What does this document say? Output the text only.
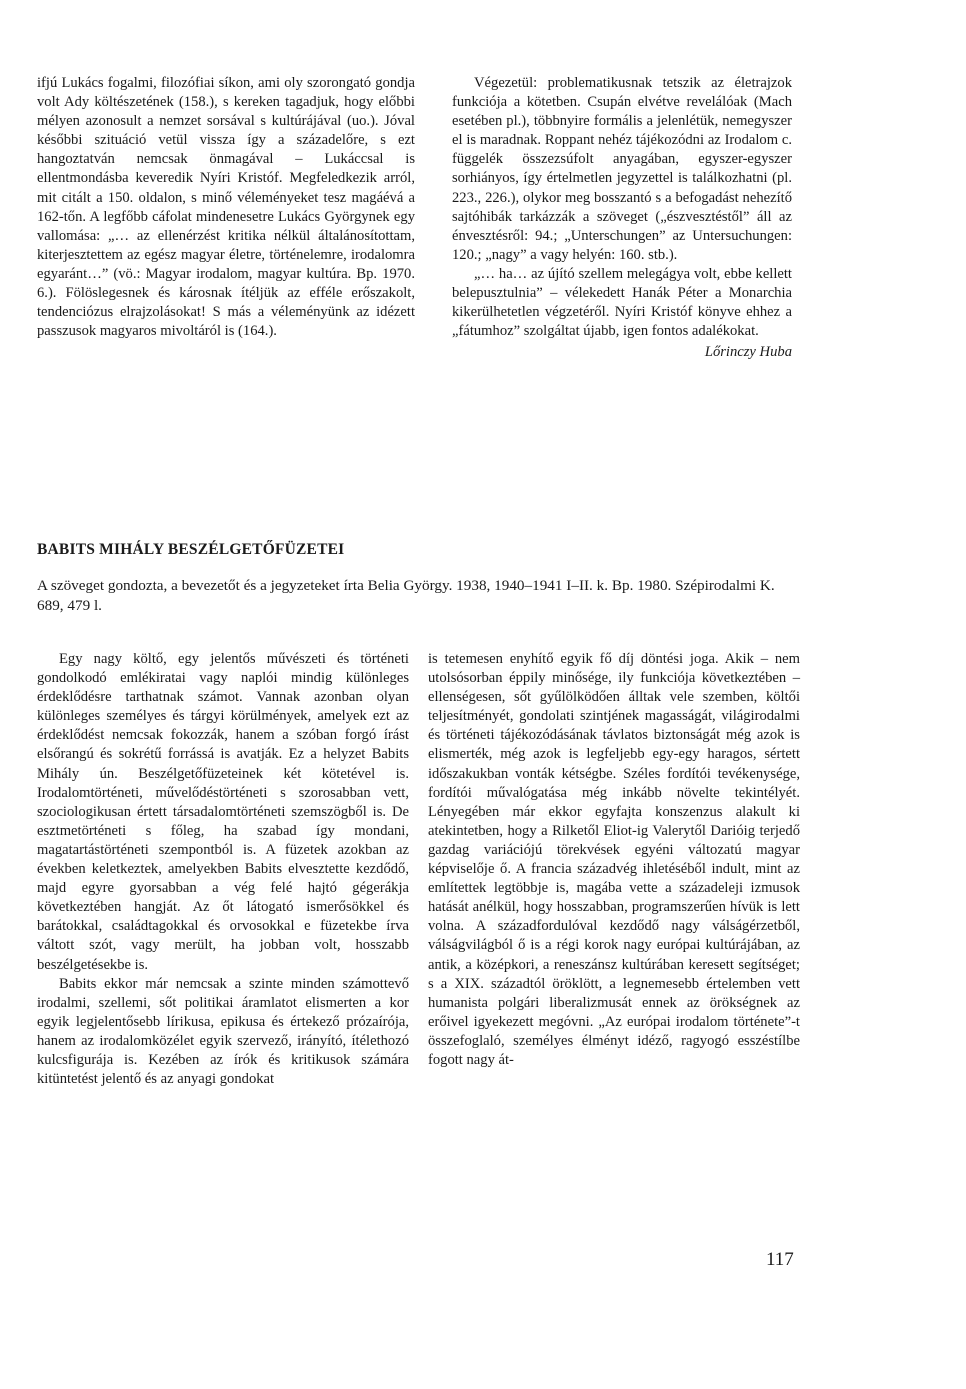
ifjú Lukács fogalmi, filozófiai síkon, ami oly szorongató gondja volt Ady költészetének (158.), s kereken tagadjuk, hogy előbbi mélyen azonosult a nemzet sorsával s kultúrájával (uo.). Jóval későbbi szituáció vetül vissza így a századelőre, s ezt hangoztatván nemcsak önmagával – Lukáccsal is ellentmondásba keveredik Nyíri Kristóf. Megfeledkezik arról, mit citált a 150. oldalon, s minő véleményeket tesz magáévá a 162-tőn. A legfőbb cáfolat mindenesetre Lukács Györgynek egy vallomása: „… az ellenérzést kritika nélkül általánosítottam, kiterjesztettem az egész magyar életre, történelemre, irodalomra egyaránt…” (vö.: Magyar irodalom, magyar kultúra. Bp. 1970. 6.). Fölöslegesnek és károsnak ítéljük az efféle erőszakolt, tendenciózus elrajzolásokat! S más a véleményünk az idézett passzusok magyaros mivoltáról is (164.).

Végezetül: problematikusnak tetszik az életrajzok funkciója a kötetben. Csupán elvétve revelálóak (Mach esetében pl.), többnyire formális a jelenlétük, nemegyszer el is maradnak. Roppant nehéz tájékozódni az Irodalom c. függelék összezsúfolt anyagában, egyszer-egyszer sorhiányos, így értelmetlen jegyzettel is találkozhatni (pl. 223., 226.), olykor meg bosszantó s a befogadást nehezítő sajtóhibák tarkázzák a szöveget („észvesztéstől” áll az énvesztésről: 94.; „Unterschungen” az Untersuchungen: 120.; „nagy” a vagy helyén: 160. stb.).

„… ha… az újító szellem melegágya volt, ebbe kellett belepusztulnia” – vélekedett Hanák Péter a Monarchia kikerülhetetlen végzetéről. Nyíri Kristóf könyve ehhez a „fátumhoz” szolgáltat újabb, igen fontos adalékokat.

Lőrinczy Huba

BABITS MIHÁLY BESZÉLGETŐFÜZETEI
A szöveget gondozta, a bevezetőt és a jegyzeteket írta Belia György. 1938, 1940–1941 I–II. k. Bp. 1980. Szépirodalmi K. 689, 479 l.

Egy nagy költő, egy jelentős művészeti és történeti gondolkodó emlékiratai vagy naplói mindig különleges érdeklődésre tarthatnak számot. Vannak azonban olyan különleges személyes és tárgyi körülmények, amelyek ezt az érdeklődést nemcsak fokozzák, hanem a szóban forgó írást elsőrangú és sokrétű forrássá is avatják. Ez a helyzet Babits Mihály ún. Beszélgetőfüzeteinek két kötetével is. Irodalomtörténeti, művelődéstörténeti s szorosabban vett, szociologikusan értett társadalomtörténeti szemszögből is. De esztmetörténeti s főleg, ha szabad így mondani, magatartástörténeti szempontból is. A füzetek azokban az években keletkeztek, amelyekben Babits elvesztette kezdődő, majd egyre gyorsabban a vég felé hajtó gégerákja következtében hangját. Az őt látogató ismerősökkel és barátokkal, családtagokkal és orvosokkal e füzetekbe írva váltott szót, vagy merült, ha jobban volt, hosszabb beszélgetésekbe is.

Babits ekkor már nemcsak a szinte minden számottevő irodalmi, szellemi, sőt politikai áramlatot elismerten a kor egyik legjelentősebb lírikusa, epikusa és értekező prózaírója, hanem az irodalomközélet egyik szervező, irányító, ítélethozó kulcsfigurája is. Kezében az írók és kritikusok számára kitüntetést jelentő és az anyagi gondokat

is tetemesen enyhítő egyik fő díj döntési joga. Akik – nem utolsósorban éppily minősége, ily funkciója következtében – ellenségesen, sőt gyűlölködően álltak vele szemben, költői teljesítményét, gondolati szintjének magasságát, világirodalmi és történeti tájékozódásának távlatos biztonságát még azok is elismerték, még azok is legfeljebb egy-egy haragos, sértett időszakukban vonták kétségbe. Széles fordítói tevékenysége, fordítói művalógatása még inkább növelte tekintélyét. Lényegében már ekkor egyfajta konszenzus alakult ki atekintetben, hogy a Rilketől Eliot-ig Valerytől Darióig terjedő gazdag variációjú törekvések egyéni változatú magyar képviselője ő. A francia századvég ihletéséből indult, mint az említettek legtöbbje is, magába vette a századeleji izmusok hatását anélkül, hogy hosszabban, programszerűen hívük is lett volna. A századfordulóval kezdődő nagy válságérzetből, válságvilágból ő is a régi korok nagy európai kultúrájában, az antik, a középkori, a reneszánsz kultúrában keresett segítséget; s a XIX. századtól öröklött, a legnemesebb értelemben vett humanista polgári liberalizmusát ennek az örökségnek az erőivel igyekezett megóvni. „Az európai irodalom története”-t összefoglaló, személyes élményt idéző, ragyogó esszéstílbe fogott nagy át-

117
